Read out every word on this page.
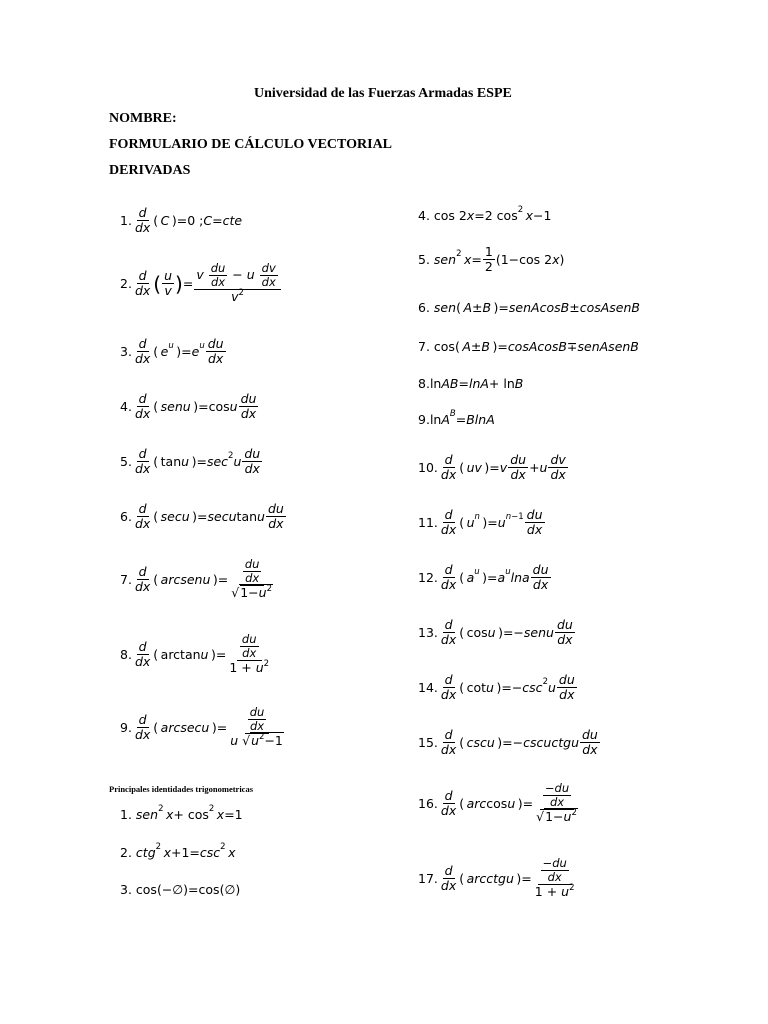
Universidad de las Fuerzas Armadas ESPE
NOMBRE:
FORMULARIO DE CÁLCULO VECTORIAL
DERIVADAS
1. $\frac{d}{dx}$ (  C  )=0 ; C = cte
2. $\frac{d}{dx}$ ( $\frac{u}{v}$ ) = $\frac{v \frac{du}{dx} - u \frac{dv}{dx}}{v^2}$
3. $\frac{d}{dx}$ (  e u  )= e u $\frac{du}{dx}$
4. $\frac{d}{dx}$ (  sen u  )=cos u $\frac{du}{dx}$
5. $\frac{d}{dx}$ ( tan u  )= sec 2 u $\frac{du}{dx}$
6. $\frac{d}{dx}$ (  sec u  )= sec u tan u $\frac{du}{dx}$
7. $\frac{d}{dx}$ (  arcsen u  )= $\frac{\frac{du}{dx}}{√1-u^2}$
8. $\frac{d}{dx}$ ( arctan u  )= $\frac{\frac{du}{dx}}{1 + u^2}$
9. $\frac{d}{dx}$ (  arcsec u  )= $\frac{\frac{du}{dx}}{u √u^2-1}$
Principales identidades trigonometricas
1.
sen 2
  x + cos 2
  x =1
2.
ctg 2
  x +1= csc 2
  x
3. cos(−∅)=cos(∅)
4. cos 2 x =2 cos 2
  x −1
5.
sen 2
  $x = \frac{1}{2} (1-\cos$ 2 x )
6.
sen (  A ± B  )= senAcosB ± cosAsenB
7. cos(  A ± B  )= cosAcosB ∓ senAsenB
8. ln AB = lnA + ln B
9. ln A B = BlnA
10. $\frac{d}{dx}$ (  uv  )= v $\frac{du}{dx} + u \frac{dv}{dx}$
11. $\frac{d}{dx}$ (  u n  )= u $n-1 \frac{du}{dx}$
12. $\frac{d}{dx}$ (  a u  )= a u lna $\frac{du}{dx}$
13. $\frac{d}{dx}$ ( cos u  )=− sen u $\frac{du}{dx}$
14. $\frac{d}{dx}$ ( cot u  )=− csc 2 u $\frac{du}{dx}$
15. $\frac{d}{dx}$ (  csc u  )=− csc u ctg u $\frac{du}{dx}$
16. $\frac{d}{dx}$ (  arc cos u  )= $\frac{\frac{-du}{dx}}{√1-u^2}$
17. $\frac{d}{dx}$ (  arc ctg u  )= $\frac{\frac{-du}{dx}}{1 + u^2}$
